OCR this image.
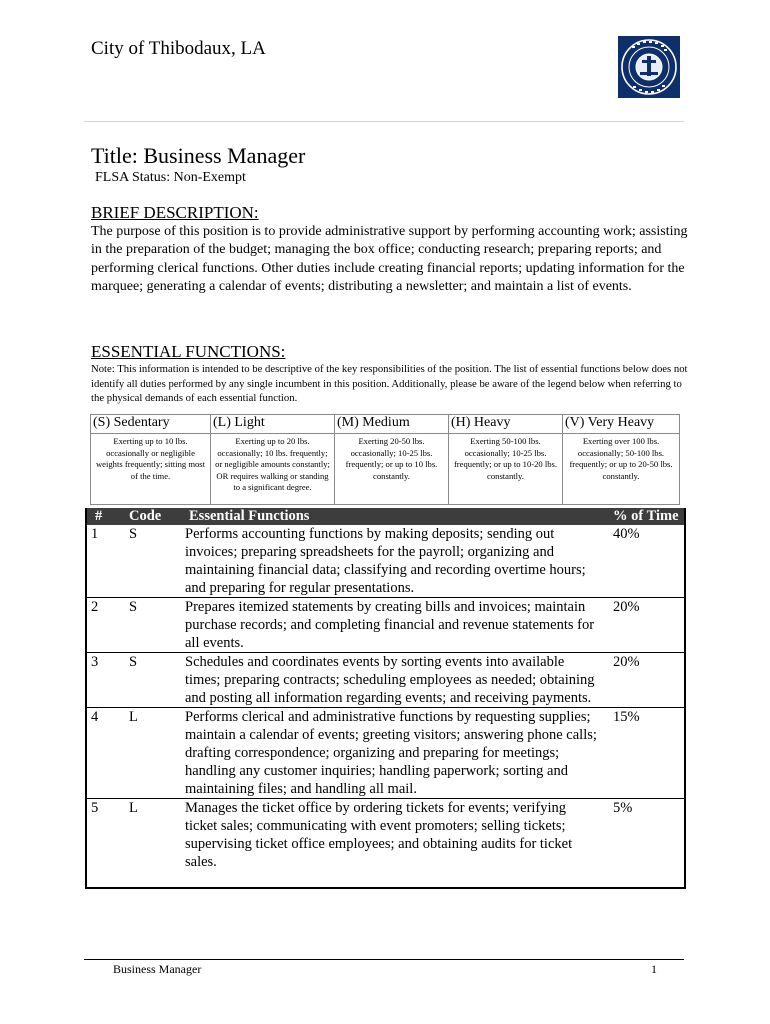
City of Thibodaux, LA
Title: Business Manager
FLSA Status: Non-Exempt
BRIEF DESCRIPTION:
The purpose of this position is to provide administrative support by performing accounting work; assisting in the preparation of the budget; managing the box office; conducting research; preparing reports; and performing clerical functions. Other duties include creating financial reports; updating information for the marquee; generating a calendar of events; distributing a newsletter; and maintain a list of events.
ESSENTIAL FUNCTIONS:
Note: This information is intended to be descriptive of the key responsibilities of the position. The list of essential functions below does not identify all duties performed by any single incumbent in this position. Additionally, please be aware of the legend below when referring to the physical demands of each essential function.
(S) Sedentary	(L) Light	(M) Medium	(H) Heavy	(V) Very Heavy
Exerting up to 10 lbs. occasionally or negligible weights frequently; sitting most of the time.	Exerting up to 20 lbs. occasionally; 10 lbs. frequently; or negligible amounts constantly; OR requires walking or standing to a significant degree.	Exerting 20-50 lbs. occasionally; 10-25 lbs. frequently; or up to 10 lbs. constantly.	Exerting 50-100 lbs. occasionally; 10-25 lbs. frequently; or up to 10-20 lbs. constantly.	Exerting over 100 lbs. occasionally; 50-100 lbs. frequently; or up to 20-50 lbs. constantly.
#	Code	Essential Functions	% of Time
1	S	Performs accounting functions by making deposits; sending out invoices; preparing spreadsheets for the payroll; organizing and maintaining financial data; classifying and recording overtime hours; and preparing for regular presentations.	40%
2	S	Prepares itemized statements by creating bills and invoices; maintain purchase records; and completing financial and revenue statements for all events.	20%
3	S	Schedules and coordinates events by sorting events into available times; preparing contracts; scheduling employees as needed; obtaining and posting all information regarding events; and receiving payments.	20%
4	L	Performs clerical and administrative functions by requesting supplies; maintain a calendar of events; greeting visitors; answering phone calls; drafting correspondence; organizing and preparing for meetings; handling any customer inquiries; handling paperwork; sorting and maintaining files; and handling all mail.	15%
5	L	Manages the ticket office by ordering tickets for events; verifying ticket sales; communicating with event promoters; selling tickets; supervising ticket office employees; and obtaining audits for ticket sales.	5%
Business Manager	1
